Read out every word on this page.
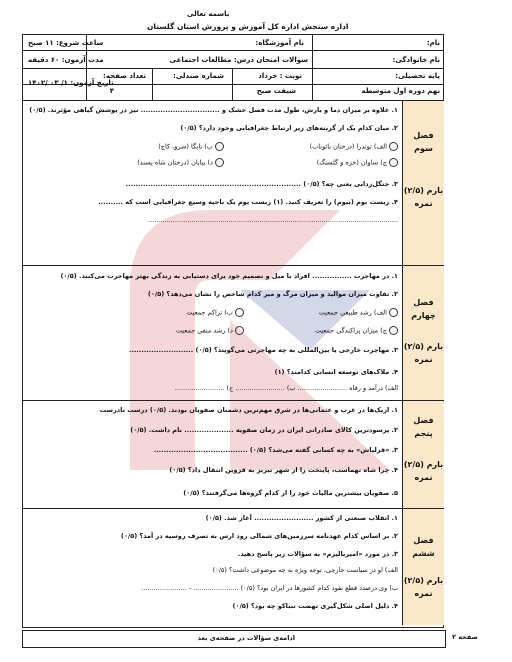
باسمه تعالی
اداره سنجش اداره کل آموزش و پرورش استان گلستان
نام:
نام خانوادگی:
پایه تحصیلی:
نهم دوره اول متوسطه
نام آموزشگاه:
سوالات امتحان درس: مطالعات اجتماعی
نوبت : خرداد
شیفت صبح
شماره صندلی:
تعداد صفحه:
۴
ساعت شروع: ۱۱ صبح
مدت آزمون: ۶۰ دقیقه
تاریخ آزمون: ۱/ ۰۳ /۱۴۰۲
فصل سوم
بارم (۲/۵) نمره
فصل چهارم
بارم (۲/۵) نمره
فصل پنجم
بارم (۲/۵) نمره
فصل ششم
بارم (۲/۵) نمره
۱. علاوه بر میزان دما و بارش، طول مدت فصل خشک و ................................ نیز در پوشش گیاهی مؤثرند. (۰/۵)
۲. میان کدام یک از گزینه‌های زیر ارتباط جغرافیایی وجود دارد؟ (۰/۵)
الف) توندرا (درختان بائوباب)
ب) تایگا (سرو، کاج)
ج) ساوان (خزه و گلسنگ)
د) بیابان (درختان شاه پسند)
۳. جنگل‌زدایی یعنی چه؟ (۰/۵) .......................................................................
۴. زیست بوم (بیوم) را تعریف کنید. (۱) زیست بوم یک ناحیه وسیع جغرافیایی است که ..........
.........................................................................................................................
۱. در مهاجرت ................ افراد با میل و تصمیم خود برای دستیابی به زندگی بهتر مهاجرت می‌کنند. (۰/۵)
۲. تفاوت میزان موالید و میزان مرگ و میر کدام شاخص را نشان می‌دهد؟ (۰/۵)
الف) رشد طبیعی جمعیت
ب) تراکم جمعیت
ج) میزان پراکندگی جمعیت
د) رشد منفی جمعیت
۳. مهاجرت خارجی یا بین‌المللی به چه مهاجرتی می‌گویند؟ (۰/۵) ..........................
۴. ملاک‌های توسعه انسانی کدامند؟ (۱)
الف) درآمد و رفاه ........................ ب) ........................ ج) ........................
۱. ازبک‌ها در غرب و عثمانی‌ها در شرق مهم‌ترین دشمنان صفویان بودند. (۰/۵) درست نادرست
۲. پرسودترین کالای صادراتی ایران در زمان صفویه .................... نام داشت. (۰/۵)
۳. «قزلباش» به چه کسانی گفته می‌شد؟ (۰/۵) ......................................
۴. چرا شاه تهماسب، پایتخت را از شهر تبریز به قزوین انتقال داد؟ (۰/۵)
۵. صفویان بیشترین مالیات خود را از کدام گروه‌ها می‌گرفتند؟ (۰/۵)
۱. انقلاب صنعتی از کشور ........................ آغاز شد. (۰/۵)
۲. بر اساس کدام عهدنامه سرزمین‌های شمالی رود ارس به تصرف روسیه در آمد؟ (۰/۵)
۳. در مورد «امپریالیزم» به سؤالات زیر پاسخ دهید.
الف) او در سیاست خارجی، توجه ویژه به چه موضوعی داشت؟ (۰/۵)
ب) وی درصدد قطع نفوذ کدام کشورها در ایران بود؟ (۰/۵) ...................... - ......................
۴. دلیل اصلی شکل‌گیری نهضت تنباکو چه بود؟ (۰/۵)
ادامه‌ی سؤالات در صفحه‌ی بعد	صفحه ۲
